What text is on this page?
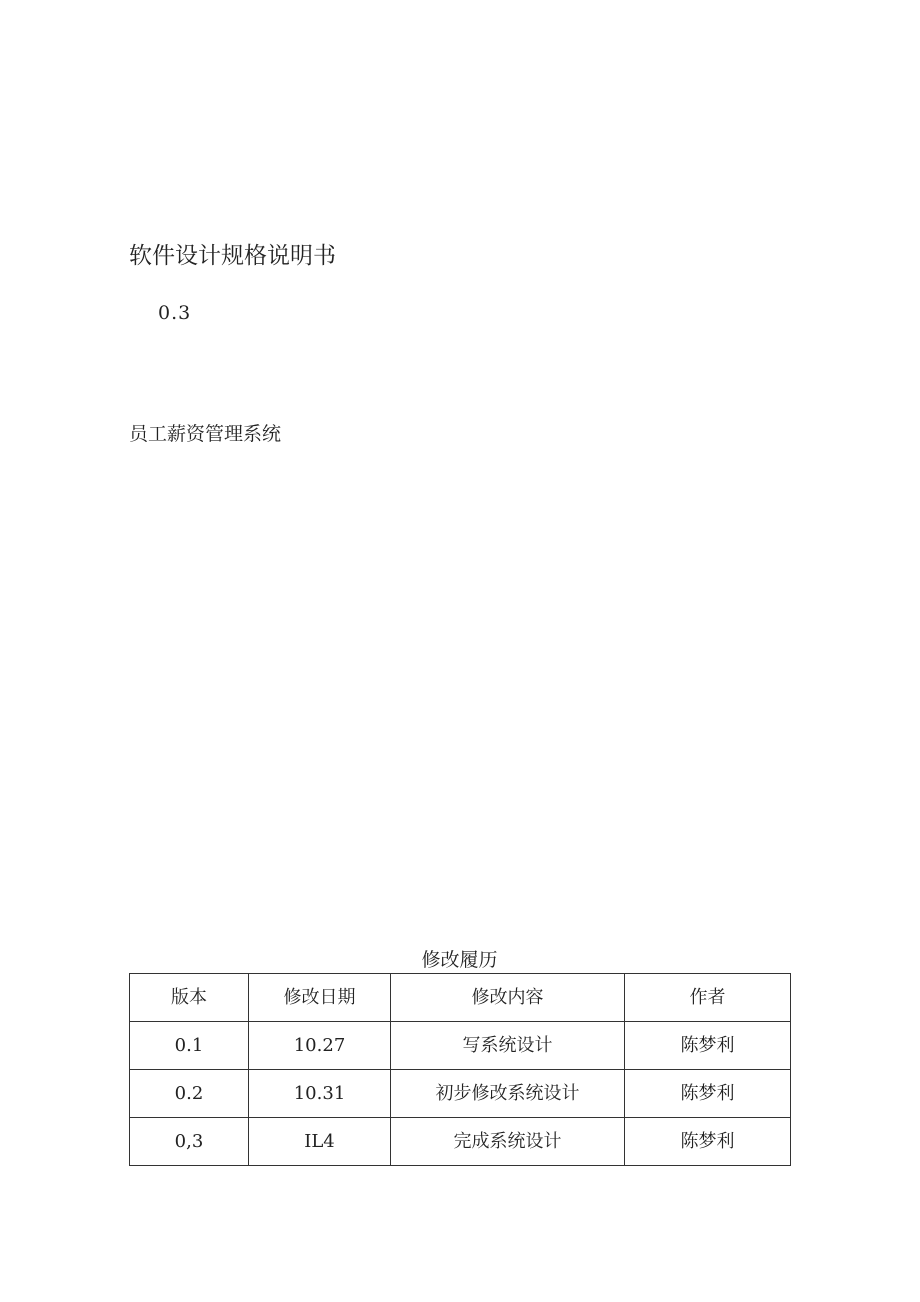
软件设计规格说明书
0.3
员工薪资管理系统
修改履历
版本	修改日期	修改内容	作者
0.1	10.27	写系统设计	陈梦利
0.2	10.31	初步修改系统设计	陈梦利
0,3	IL4	完成系统设计	陈梦利
